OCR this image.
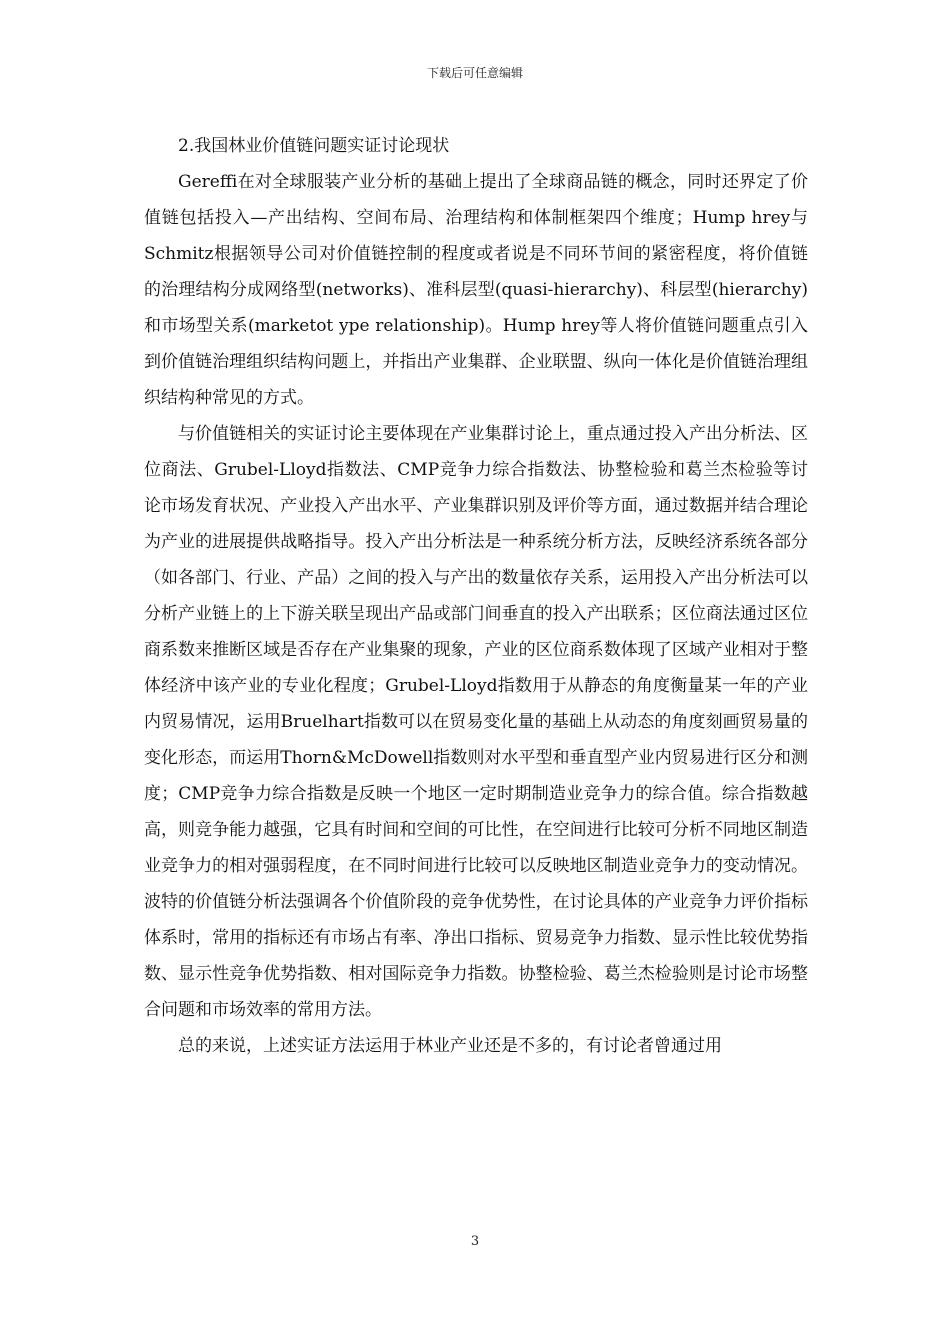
下载后可任意编辑

2.我国林业价值链问题实证讨论现状

Gereffi在对全球服装产业分析的基础上提出了全球商品链的概念，同时还界定了价值链包括投入—产出结构、空间布局、治理结构和体制框架四个维度；Hump hrey与Schmitz根据领导公司对价值链控制的程度或者说是不同环节间的紧密程度，将价值链的治理结构分成网络型(networks)、准科层型(quasi-hierarchy)、科层型(hierarchy)和市场型关系(marketot ype relationship)。Hump hrey等人将价值链问题重点引入到价值链治理组织结构问题上，并指出产业集群、企业联盟、纵向一体化是价值链治理组织结构种常见的方式。

与价值链相关的实证讨论主要体现在产业集群讨论上，重点通过投入产出分析法、区位商法、Grubel-Lloyd指数法、CMP竞争力综合指数法、协整检验和葛兰杰检验等讨论市场发育状况、产业投入产出水平、产业集群识别及评价等方面，通过数据并结合理论为产业的进展提供战略指导。投入产出分析法是一种系统分析方法，反映经济系统各部分（如各部门、行业、产品）之间的投入与产出的数量依存关系，运用投入产出分析法可以分析产业链上的上下游关联呈现出产品或部门间垂直的投入产出联系；区位商法通过区位商系数来推断区域是否存在产业集聚的现象，产业的区位商系数体现了区域产业相对于整体经济中该产业的专业化程度；Grubel-Lloyd指数用于从静态的角度衡量某一年的产业内贸易情况，运用Bruelhart指数可以在贸易变化量的基础上从动态的角度刻画贸易量的变化形态，而运用Thorn&McDowell指数则对水平型和垂直型产业内贸易进行区分和测度；CMP竞争力综合指数是反映一个地区一定时期制造业竞争力的综合值。综合指数越高，则竞争能力越强，它具有时间和空间的可比性，在空间进行比较可分析不同地区制造业竞争力的相对强弱程度，在不同时间进行比较可以反映地区制造业竞争力的变动情况。波特的价值链分析法强调各个价值阶段的竞争优势性，在讨论具体的产业竞争力评价指标体系时，常用的指标还有市场占有率、净出口指标、贸易竞争力指数、显示性比较优势指数、显示性竞争优势指数、相对国际竞争力指数。协整检验、葛兰杰检验则是讨论市场整合问题和市场效率的常用方法。

总的来说，上述实证方法运用于林业产业还是不多的，有讨论者曾通过用

3
